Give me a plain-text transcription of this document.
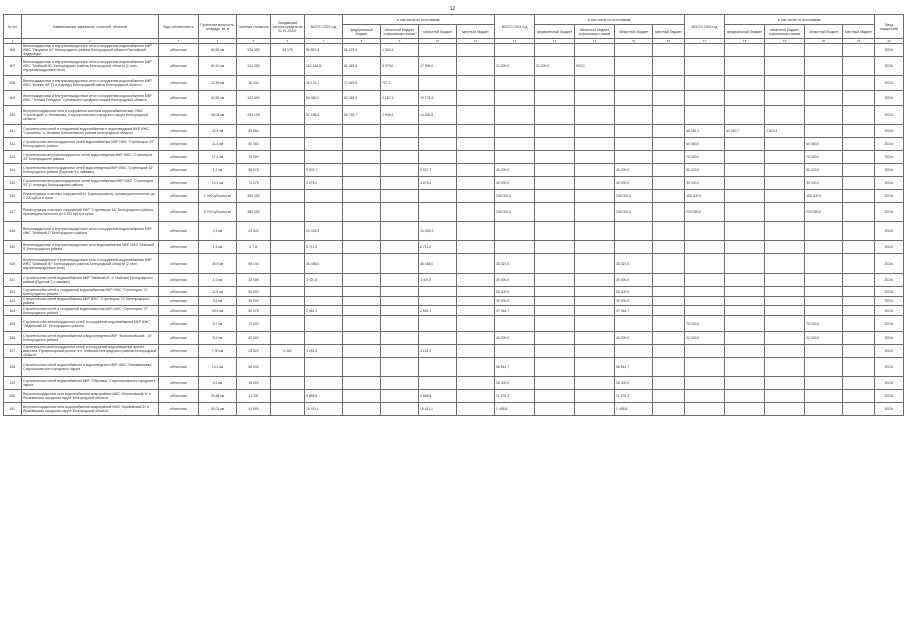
12
№ п/п	Наименование заказчиков, отраслей, объектов	Вид собственности	Проектная мощность, площадь, кв. м	Сметная стоимость	Ожидаемый остаток средств на 01.01.2022г.	ВСЕГО 2022 год	в том числе по источникам:				ВСЕГО 2023 год	в том числе по источникам:				ВСЕГО 2024 год	в том числе по источникам:				Ввод мощностей
							федеральный бюджет	областной бюджет, софинансиро-вание	областной бюджет	местный бюджет		федеральный бюджет	областной бюджет, софинансиро-вание	областной бюджет	местный бюджет		федеральный бюджет	областной бюджет, софинансиро-вание	областной бюджет	местный бюджет	
1	2	3	4	5	6	7	8	9	10	11	12	13	14	15	16	17	18	19	20	21	22
606	Внеплощадочные и внутриплощадочные сети и сооружения водоснабжения МКР ИЖС "Разумное 81" Белгородского района Белгородской области Российской Федерации	областная	84,55 км	575 353	38 178	59 557,8	56 215,4	1 342,4													2022г.
607	Внеплощадочные и внутриплощадочные сети и сооружения водоснабжения МКР ИЖС "Майский 90" Белгородского района Белгородской области (1 этап - внутриплощадочные сети)	областная	60,10 км	312 000		102 446,8	81 063,8	3 379,0	17 998,0		22 900,0	22 000,0	900,0								2023г.
608	Внеплощадочные и внутриплощадочные сети и сооружения водоснабжения МКР ИЖС "Купино 68" (1-я очередь) Белгородский район Белгородской области	областная	22,49 км	36 343		18 176,7	17 449,6	727,1													2022г.
609	Внеплощадочные и внутриплощадочные сети и сооружения водоснабжения МКР ИЖС "Теплый Погадель" Губкинского городского округа Белгородской области	областная	34,55 км	103 690		84 450,0	62 484,0	2 187,3	19 778,8												2022г.
610	Внутриплощадочные сети и сооружения системы водоснабжения мкр. ИЖС "Стрелецкий" с. Незнамово, Старооскольского городского округа Белгородской области	областная	45,04 км	253 125		87 185,9	69 752,7	2 906,4	14 526,8												2022г.
611	Строительство сетей и сооружений водоснабжения и водоотведения МКР ИЖС "Строитель" с. Нечаево Алексеевского района Белгородской области	областная	32,4 км	69 684												65 084,1	62 480,7	2 603,4			2024г.
612	Строительство внеплощадочных сетей водоснабжения МКР ИЖС "Стрелецкое 43" Белгородского района	областная	11,4 км	60 000												60 000,0			60 000,0		2024г.
613	Строительство внутриплощадочных сетей водоотведения МКР ИЖС "Стрелецкое 43" Белгородского района	областная	17,6 км	75 000												75 000,0			75 000,0		2024г.
614	Строительство внеплощадочных сетей водоотведения МКР ИЖС "Стрелецкое 43" Белгородского района (Бурение 5-и скважин)	областная	1,2 км	98 578		5 537,7			5 537,7		45 000,0			45 000,0		50 000,0			50 000,0		2024г.
615	Строительство внутриплощадочных сетей водоснабжения МКР ИЖС "Стрелецкое 53" (1 очередь) Белгородского района	областная	14,4 км	74 078		4 078,2			4 078,2		40 000,0			40 000,0		30 000,0			30 000,0		2024г.
616	Реконструкция очистных сооружений в г. Бирюч(окоресп), производительностью до 1 000 куб.м в сутки	областная	1 000 куб.м/сутки	300 000							150 000,0			150 000,0		150 000,0			150 000,0		2024г.
617	Реконструкция очистных сооружений МКР "Стрелецкое 3А" Белгородского района, производительностью до 5 700 куб.м в сутки	областная	5 700 куб.м/сутки	380 000							150 000,0			150 000,0		209 069,2			209 069,2		2024г.
618	Внеплощадочные и внутриплощадочные сети и сооружения водоснабжения МКР ИЖС "Майский 2" Белгородского района	областная	2,5 км	24 433		24 433,3			24 433,3												2022г.
619	Внеплощадочные и внутриплощадочные сети водоснабжения МКР ИЖС "Майский 8" Белгородского района	областная	1,5 км	8 711		8 711,5			8 711,5												2022г.
620	Внутриплощадочные и внеплощадочные сети и сооружения водоснабжения МКР ИЖС "Майский 90" Белгородского района Белгородской области (2 этап - внутриплощадочные сети)	областная	26,9 км	65 144		46 458,0			46 458,0		18 327,6			18 327,6							2023г.
621	Строительство сетей водоснабжения МКР "Майский-8", п. Майский Белгородского района (Бурение 2-х скважин)	областная	1,0 км	33 408		3 407,5			3 407,5		30 000,0			30 000,0							2023г.
622	Строительство сетей и сооружений водоснабжения МКР ИЖС "Стрелецкое 71" Белгородского района	областная	11,5 км	50 000							50 000,0			50 000,0							2023г.
623	Строительство сетей водоснабжения МКР ИЖС "Стрелецкое 72" Белгородского района	областная	9,4 км	35 000							35 000,0			35 000,0							2023г.
624	Строительство сетей и сооружений водоснабжения МКР ИЖС "Стрелецкое 72" Белгородского района	областная	30,6 км	50 578		2 661,1			2 661,1		47 916,7			47 916,7							2023г.
625	Строительство внеплощадочных сетей и сооружений водоснабжения МКР ИЖС "Ладомский 3А" Белгородского района	областная	8,7 км	70 000												70 000,0			70 000,0		2024г.
626	Строительство сетей водоснабжения и водоотведения МКР "Комсомольский - 14" Белгородского района	областная	8,3 км	62 000							40 000,0			40 000,0		22 000,0			22 000,0		2024г.
627	Строительство внеплощадочных сетей и сооружений водоотведения жилого квартала "Профессорский уголок" в п. Майский Белгородского района Белгородской области	областная	7,00 км	23 322	4 162	4 161,5			4 161,5												2022г.
628	Строительство сетей водоснабжения и водоотведения МКР ИЖС "Новоивановка" Старооскольского городского округа	областная	13,3 км	58 542							58 541,7			58 541,7							2023г.
629	Строительство сетей водоснабжения МКР "Обуховка" Старооскольского городского округа	областная	5,2 км	18 000							18 000,0			18 000,0							2023г.
630	Внутриплощадочные сети водоснабжения микрорайона ИЖС «Калиновский-3» в Яковлевском городском округе Белгородской области	областная	24,68 км	21 331		9 665,8			9 665,8		11 576,2			11 576,2							2023г.
631	Внутриплощадочные сети водоснабжения микрорайона ИЖС «Кривовский-3» в Яковлевском городском округе Белгородской области	областная	30,01 км	41 900		15 411,1			15 411,1		1 406,8			1 406,8							2023г.
